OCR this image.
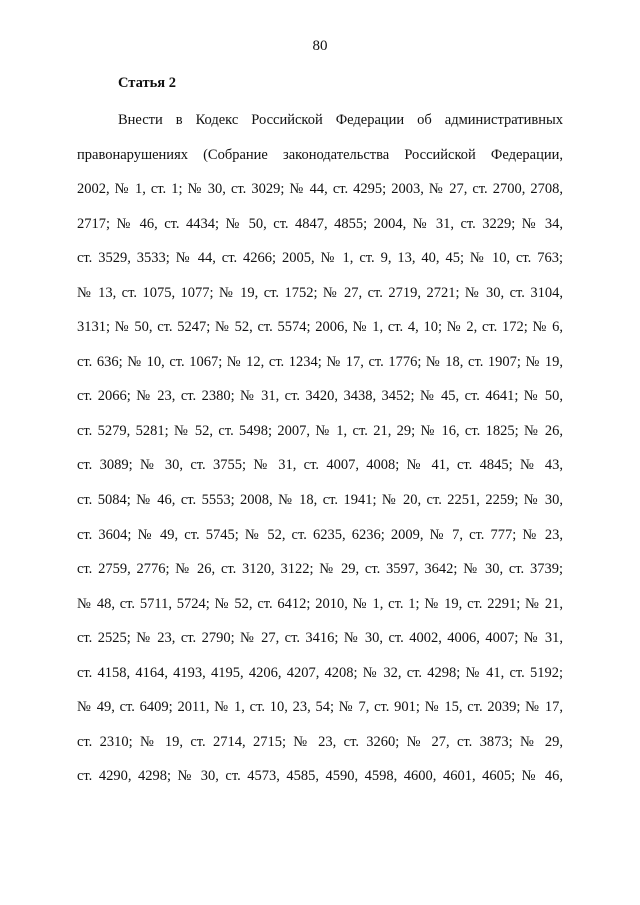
80
Статья 2
Внести в Кодекс Российской Федерации об административных
правонарушениях (Собрание законодательства Российской Федерации,
2002, № 1, ст. 1; № 30, ст. 3029; № 44, ст. 4295; 2003, № 27, ст. 2700, 2708,
2717; № 46, ст. 4434; № 50, ст. 4847, 4855; 2004, № 31, ст. 3229; № 34,
ст. 3529, 3533; № 44, ст. 4266; 2005, № 1, ст. 9, 13, 40, 45; № 10, ст. 763;
№ 13, ст. 1075, 1077; № 19, ст. 1752; № 27, ст. 2719, 2721; № 30, ст. 3104,
3131; № 50, ст. 5247; № 52, ст. 5574; 2006, № 1, ст. 4, 10; № 2, ст. 172; № 6,
ст. 636; № 10, ст. 1067; № 12, ст. 1234; № 17, ст. 1776; № 18, ст. 1907; № 19,
ст. 2066; № 23, ст. 2380; № 31, ст. 3420, 3438, 3452; № 45, ст. 4641; № 50,
ст. 5279, 5281; № 52, ст. 5498; 2007, № 1, ст. 21, 29; № 16, ст. 1825; № 26,
ст. 3089; № 30, ст. 3755; № 31, ст. 4007, 4008; № 41, ст. 4845; № 43,
ст. 5084; № 46, ст. 5553; 2008, № 18, ст. 1941; № 20, ст. 2251, 2259; № 30,
ст. 3604; № 49, ст. 5745; № 52, ст. 6235, 6236; 2009, № 7, ст. 777; № 23,
ст. 2759, 2776; № 26, ст. 3120, 3122; № 29, ст. 3597, 3642; № 30, ст. 3739;
№ 48, ст. 5711, 5724; № 52, ст. 6412; 2010, № 1, ст. 1; № 19, ст. 2291; № 21,
ст. 2525; № 23, ст. 2790; № 27, ст. 3416; № 30, ст. 4002, 4006, 4007; № 31,
ст. 4158, 4164, 4193, 4195, 4206, 4207, 4208; № 32, ст. 4298; № 41, ст. 5192;
№ 49, ст. 6409; 2011, № 1, ст. 10, 23, 54; № 7, ст. 901; № 15, ст. 2039; № 17,
ст. 2310; № 19, ст. 2714, 2715; № 23, ст. 3260; № 27, ст. 3873; № 29,
ст. 4290, 4298; № 30, ст. 4573, 4585, 4590, 4598, 4600, 4601, 4605; № 46,
